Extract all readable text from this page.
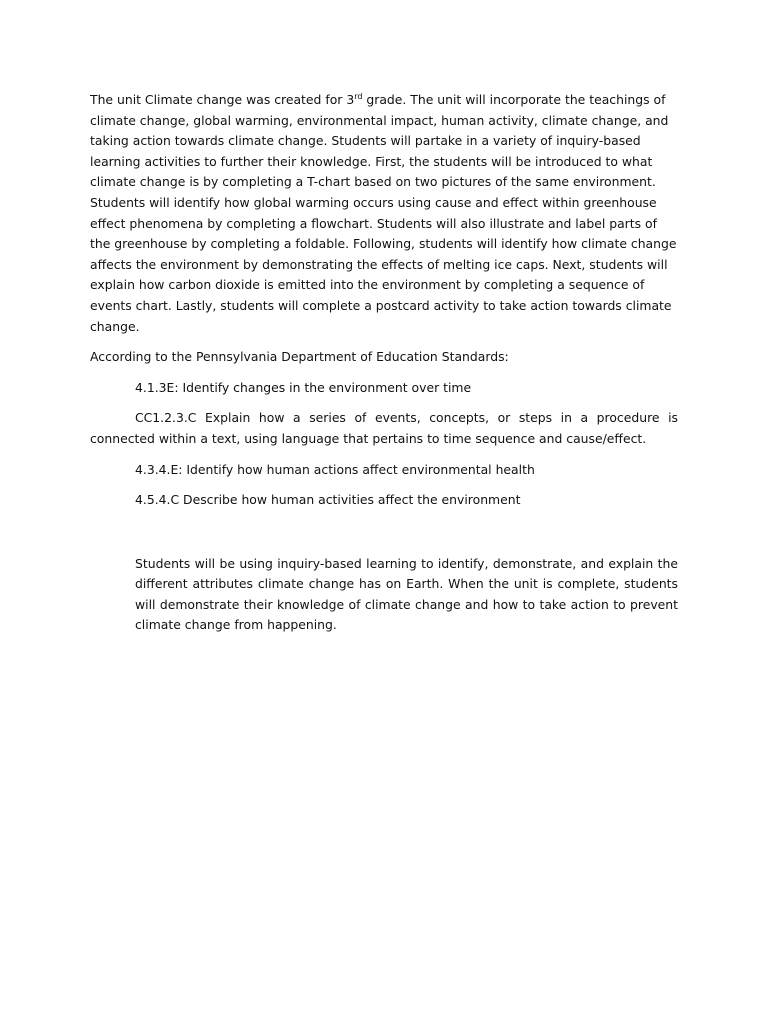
The unit Climate change was created for 3rd grade. The unit will incorporate the teachings of climate change, global warming, environmental impact, human activity, climate change, and taking action towards climate change. Students will partake in a variety of inquiry-based learning activities to further their knowledge. First, the students will be introduced to what climate change is by completing a T-chart based on two pictures of the same environment. Students will identify how global warming occurs using cause and effect within greenhouse effect phenomena by completing a flowchart. Students will also illustrate and label parts of the greenhouse by completing a foldable. Following, students will identify how climate change affects the environment by demonstrating the effects of melting ice caps. Next, students will explain how carbon dioxide is emitted into the environment by completing a sequence of events chart. Lastly, students will complete a postcard activity to take action towards climate change.

According to the Pennsylvania Department of Education Standards:

4.1.3E: Identify changes in the environment over time

CC1.2.3.C Explain how a series of events, concepts, or steps in a procedure is connected within a text, using language that pertains to time sequence and cause/effect.

4.3.4.E: Identify how human actions affect environmental health

4.5.4.C Describe how human activities affect the environment

Students will be using inquiry-based learning to identify, demonstrate, and explain the different attributes climate change has on Earth. When the unit is complete, students will demonstrate their knowledge of climate change and how to take action to prevent climate change from happening.
